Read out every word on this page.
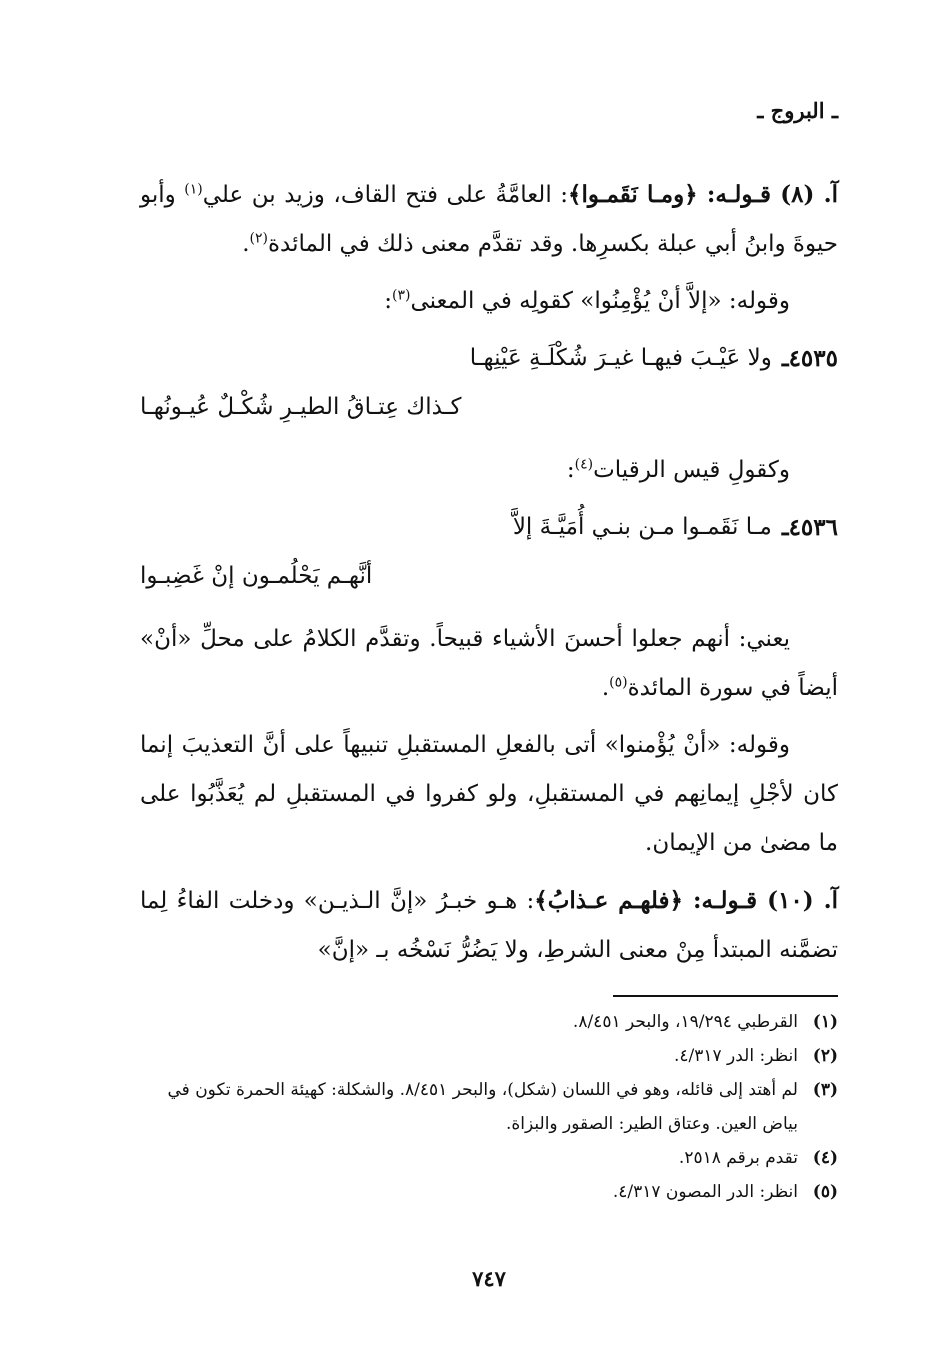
ـ البروج ـ

آ. (٨) قـولـه: ﴿ومـا نَقَمـوا﴾: العامَّةُ على فتح القاف، وزيد بن علي$^{(١)}$ وأبو حيوةَ وابنُ أبي عبلة بكسرِها. وقد تقدَّم معنى ذلك في المائدة$^{(٢)}$.

وقوله: «إلاَّ أنْ يُؤْمِنُوا» كقولِه في المعنى$^{(٣)}$:

٤٥٣٥ـ
ولا عَيْـبَ فيهـا غيـرَ شُكْلَـةِ عَيْنِهـا
كـذاك عِتـاقُ الطيـرِ شُكْـلٌ عُيـونُهـا

وكقولِ قيس الرقيات$^{(٤)}$:

٤٥٣٦ـ
مـا نَقَمـوا مـن بنـي أُمَيَّـةَ إلاَّ
أنَّهـم يَحْلُمـون إنْ غَضِبـوا

يعني: أنهم جعلوا أحسنَ الأشياء قبيحاً. وتقدَّم الكلامُ على محلِّ «أنْ» أيضاً في سورة المائدة$^{(٥)}$.

وقوله: «أنْ يُؤْمنوا» أتى بالفعلِ المستقبلِ تنبيهاً على أنَّ التعذيبَ إنما كان لأجْلِ إيمانِهم في المستقبلِ، ولو كفروا في المستقبلِ لم يُعَذَّبُوا على ما مضىٰ من الإيمان.

آ. (١٠) قـولـه: ﴿فلهـم عـذابُ﴾: هـو خبـرُ «إنَّ الـذيـن» ودخلت الفاءُ لِما تضمَّنه المبتدأ مِنْ معنى الشرطِ، ولا يَضُرُّ نَسْخُه بـ «إنَّ»

(١)
القرطبي ١٩/٢٩٤، والبحر ٨/٤٥١.
(٢)
انظر: الدر ٤/٣١٧.
(٣)
لم أهتد إلى قائله، وهو في اللسان (شكل)، والبحر ٨/٤٥١. والشكلة: كهيئة الحمرة تكون في بياض العين. وعتاق الطير: الصقور والبزاة.
(٤)
تقدم برقم ٢٥١٨.
(٥)
انظر: الدر المصون ٤/٣١٧.
٧٤٧
